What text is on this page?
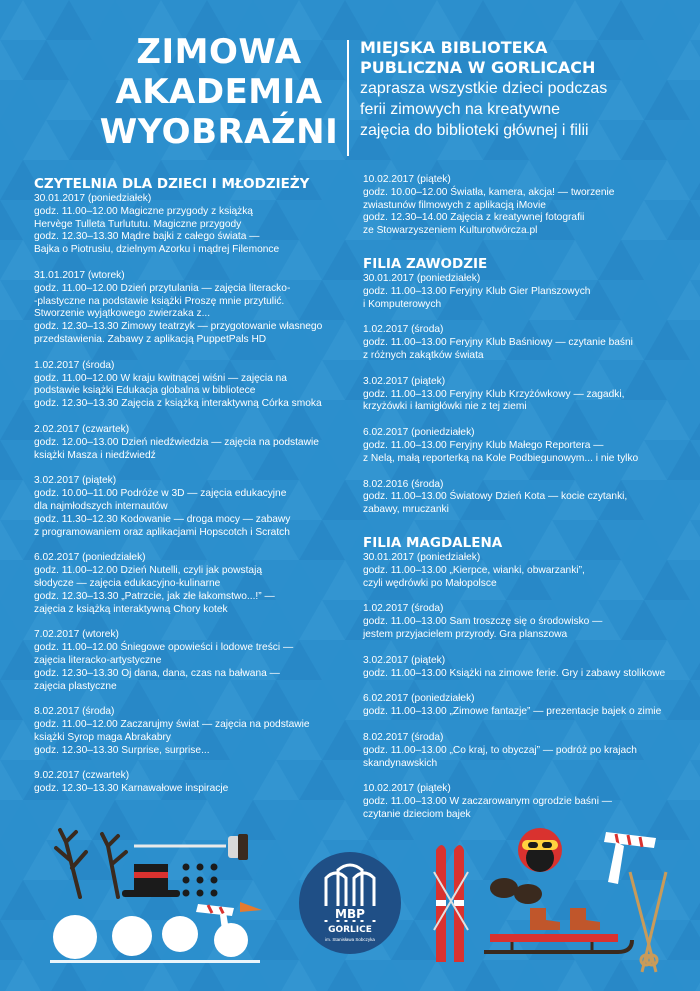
ZIMOWA
AKADEMIA
WYOBRAŹNI
MIEJSKA BIBLIOTEKA
PUBLICZNA W GORLICACH
zaprasza wszystkie dzieci podczas
ferii zimowych na kreatywne
zajęcia do biblioteki głównej i filii
CZYTELNIA DLA DZIECI I MŁODZIEŻY
30.01.2017 (poniedziałek)
godz. 11.00–12.00 Magiczne przygody z książką
Hervège Tulleta Turlututu. Magiczne przygody
godz. 12.30–13.30 Mądre bajki z całego świata —
Bajka o Piotrusiu, dzielnym Azorku i mądrej Filemonce
31.01.2017 (wtorek)
godz. 11.00–12.00 Dzień przytulania — zajęcia literacko-
-plastyczne na podstawie książki Proszę mnie przytulić.
Stworzenie wyjątkowego zwierzaka z...
godz. 12.30–13.30 Zimowy teatrzyk — przygotowanie własnego
przedstawienia. Zabawy z aplikacją PuppetPals HD
1.02.2017 (środa)
godz. 11.00–12.00 W kraju kwitnącej wiśni — zajęcia na
podstawie książki Edukacja globalna w bibliotece
godz. 12.30–13.30 Zajęcia z książką interaktywną Córka smoka
2.02.2017 (czwartek)
godz. 12.00–13.00 Dzień niedźwiedzia — zajęcia na podstawie
książki Masza i niedźwiedź
3.02.2017 (piątek)
godz. 10.00–11.00 Podróże w 3D — zajęcia edukacyjne
dla najmłodszych internautów
godz. 11.30–12.30 Kodowanie — droga mocy — zabawy
z programowaniem oraz aplikacjami Hopscotch i Scratch
6.02.2017 (poniedziałek)
godz. 11.00–12.00 Dzień Nutelli, czyli jak powstają
słodycze — zajęcia edukacyjno-kulinarne
godz. 12.30–13.30 „Patrzcie, jak złe łakomstwo...!” —
zajęcia z książką interaktywną Chory kotek
7.02.2017 (wtorek)
godz. 11.00–12.00 Śniegowe opowieści i lodowe treści —
zajęcia literacko-artystyczne
godz. 12.30–13.30 Oj dana, dana, czas na bałwana —
zajęcia plastyczne
8.02.2017 (środa)
godz. 11.00–12.00 Zaczarujmy świat — zajęcia na podstawie
książki Syrop maga Abrakabry
godz. 12.30–13.30 Surprise, surprise...
9.02.2017 (czwartek)
godz. 12.30–13.30 Karnawałowe inspiracje
10.02.2017 (piątek)
godz. 10.00–12.00 Światła, kamera, akcja! — tworzenie
zwiastunów filmowych z aplikacją iMovie
godz. 12.30–14.00 Zajęcia z kreatywnej fotografii
ze Stowarzyszeniem Kulturotwórcza.pl
FILIA ZAWODZIE
30.01.2017 (poniedziałek)
godz. 11.00–13.00 Feryjny Klub Gier Planszowych
i Komputerowych
1.02.2017 (środa)
godz. 11.00–13.00 Feryjny Klub Baśniowy — czytanie baśni
z różnych zakątków świata
3.02.2017 (piątek)
godz. 11.00–13.00 Feryjny Klub Krzyżówkowy — zagadki,
krzyżówki i łamigłówki nie z tej ziemi
6.02.2017 (poniedziałek)
godz. 11.00–13.00 Feryjny Klub Małego Reportera —
z Nelą, małą reporterką na Kole Podbiegunowym... i nie tylko
8.02.2016 (środa)
godz. 11.00–13.00 Światowy Dzień Kota — kocie czytanki,
zabawy, mruczanki
FILIA MAGDALENA
30.01.2017 (poniedziałek)
godz. 11.00–13.00 „Kierpce, wianki, obwarzanki”,
czyli wędrówki po Małopolsce
1.02.2017 (środa)
godz. 11.00–13.00 Sam troszczę się o środowisko —
jestem przyjacielem przyrody. Gra planszowa
3.02.2017 (piątek)
godz. 11.00–13.00 Książki na zimowe ferie. Gry i zabawy stolikowe
6.02.2017 (poniedziałek)
godz. 11.00–13.00 „Zimowe fantazje” — prezentacje bajek o zimie
8.02.2017 (środa)
godz. 11.00–13.00 „Co kraj, to obyczaj” — podróż po krajach
skandynawskich
10.02.2017 (piątek)
godz. 11.00–13.00 W zaczarowanym ogrodzie baśni —
czytanie dzieciom bajek
MBP
GORLICE
im. Stanisława Sobczyka
